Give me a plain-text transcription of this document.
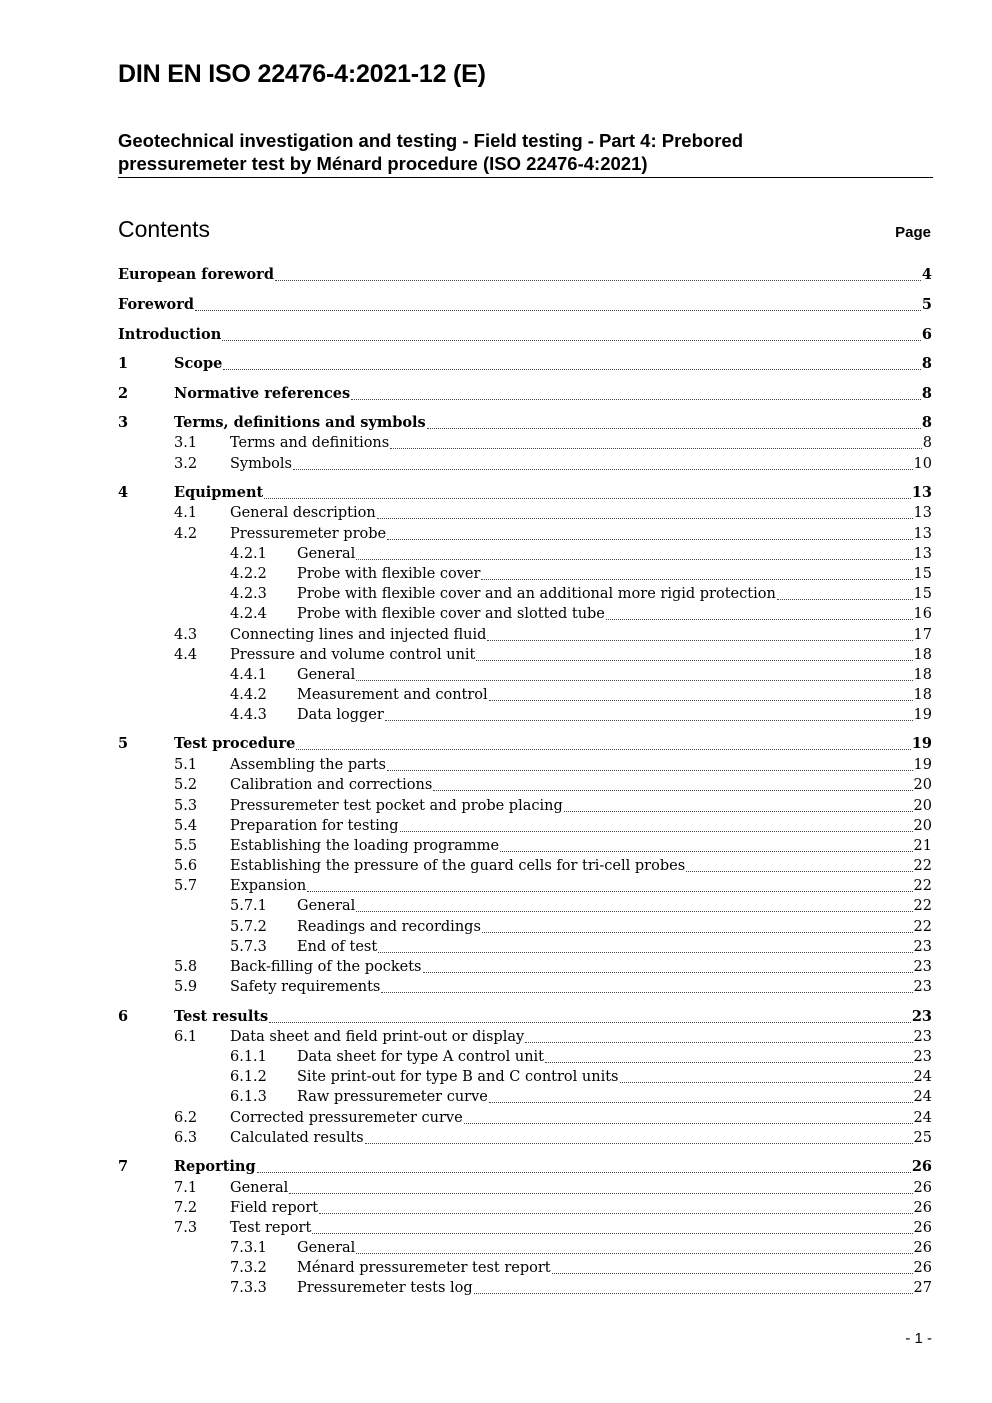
DIN EN ISO 22476-4:2021-12 (E)
Geotechnical investigation and testing - Field testing - Part 4: Prebored
pressuremeter test by Ménard procedure (ISO 22476-4:2021)
Contents	Page
European foreword	4
Foreword	5
Introduction	6
1	Scope	8
2	Normative references	8
3	Terms, definitions and symbols	8
3.1	Terms and definitions	8
3.2	Symbols	10
4	Equipment	13
4.1	General description	13
4.2	Pressuremeter probe	13
4.2.1	General	13
4.2.2	Probe with flexible cover	15
4.2.3	Probe with flexible cover and an additional more rigid protection	15
4.2.4	Probe with flexible cover and slotted tube	16
4.3	Connecting lines and injected fluid	17
4.4	Pressure and volume control unit	18
4.4.1	General	18
4.4.2	Measurement and control	18
4.4.3	Data logger	19
5	Test procedure	19
5.1	Assembling the parts	19
5.2	Calibration and corrections	20
5.3	Pressuremeter test pocket and probe placing	20
5.4	Preparation for testing	20
5.5	Establishing the loading programme	21
5.6	Establishing the pressure of the guard cells for tri-cell probes	22
5.7	Expansion	22
5.7.1	General	22
5.7.2	Readings and recordings	22
5.7.3	End of test	23
5.8	Back-filling of the pockets	23
5.9	Safety requirements	23
6	Test results	23
6.1	Data sheet and field print-out or display	23
6.1.1	Data sheet for type A control unit	23
6.1.2	Site print-out for type B and C control units	24
6.1.3	Raw pressuremeter curve	24
6.2	Corrected pressuremeter curve	24
6.3	Calculated results	25
7	Reporting	26
7.1	General	26
7.2	Field report	26
7.3	Test report	26
7.3.1	General	26
7.3.2	Ménard pressuremeter test report	26
7.3.3	Pressuremeter tests log	27
- 1 -
